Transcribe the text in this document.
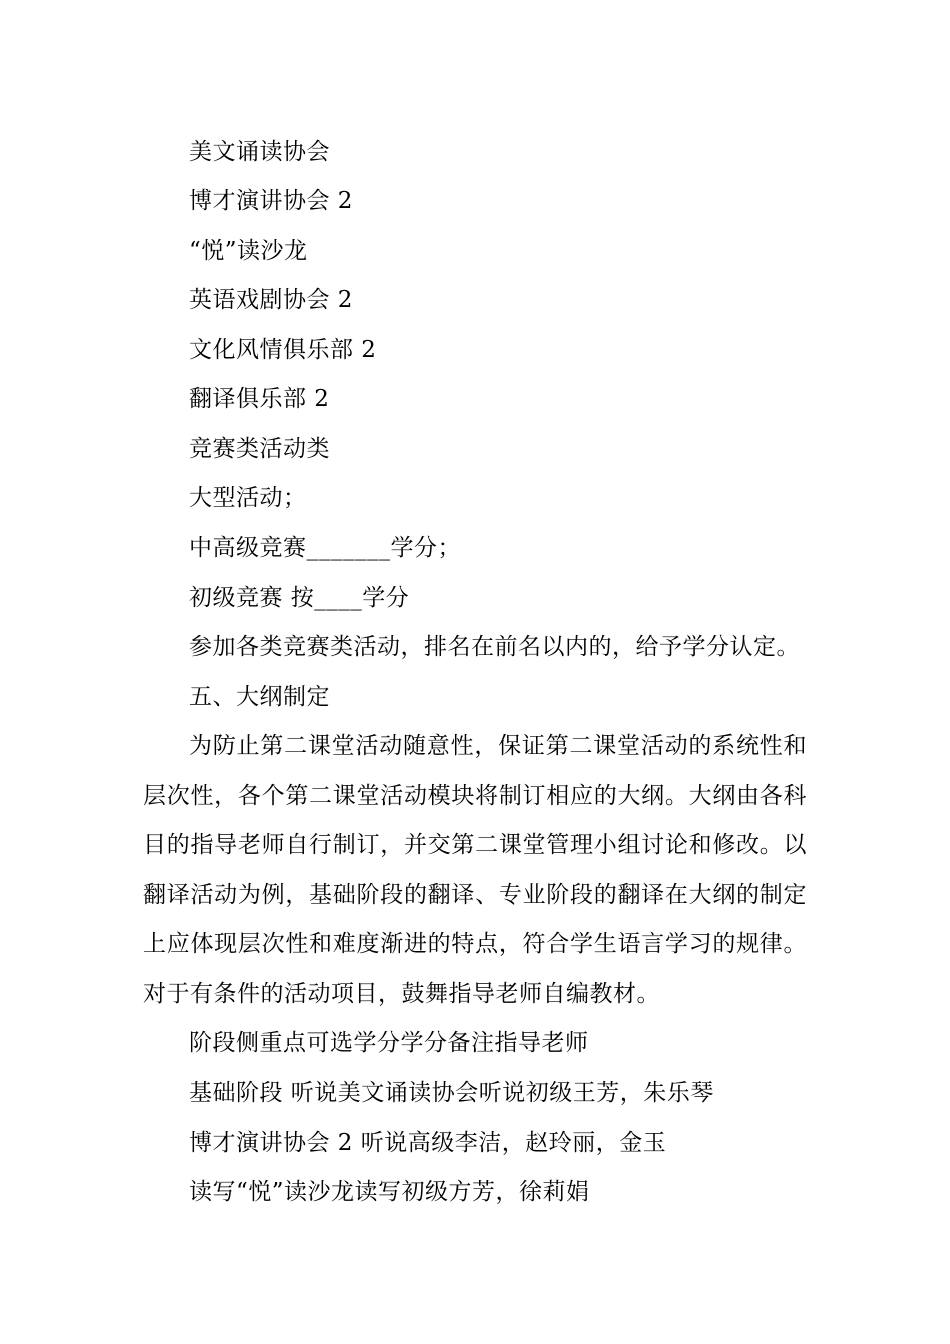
美文诵读协会
博才演讲协会 2
“悦”读沙龙
英语戏剧协会 2
文化风情俱乐部 2
翻译俱乐部 2
竞赛类活动类
大型活动；
中高级竞赛_______学分；
初级竞赛 按____学分
参加各类竞赛类活动，排名在前名以内的，给予学分认定。
五、大纲制定
为防止第二课堂活动随意性，保证第二课堂活动的系统性和层次性，各个第二课堂活动模块将制订相应的大纲。大纲由各科目的指导老师自行制订，并交第二课堂管理小组讨论和修改。以翻译活动为例，基础阶段的翻译、专业阶段的翻译在大纲的制定上应体现层次性和难度渐进的特点，符合学生语言学习的规律。对于有条件的活动项目，鼓舞指导老师自编教材。
阶段侧重点可选学分学分备注指导老师
基础阶段 听说美文诵读协会听说初级王芳，朱乐琴
博才演讲协会 2 听说高级李洁，赵玲丽，金玉
读写“悦”读沙龙读写初级方芳，徐莉娟
